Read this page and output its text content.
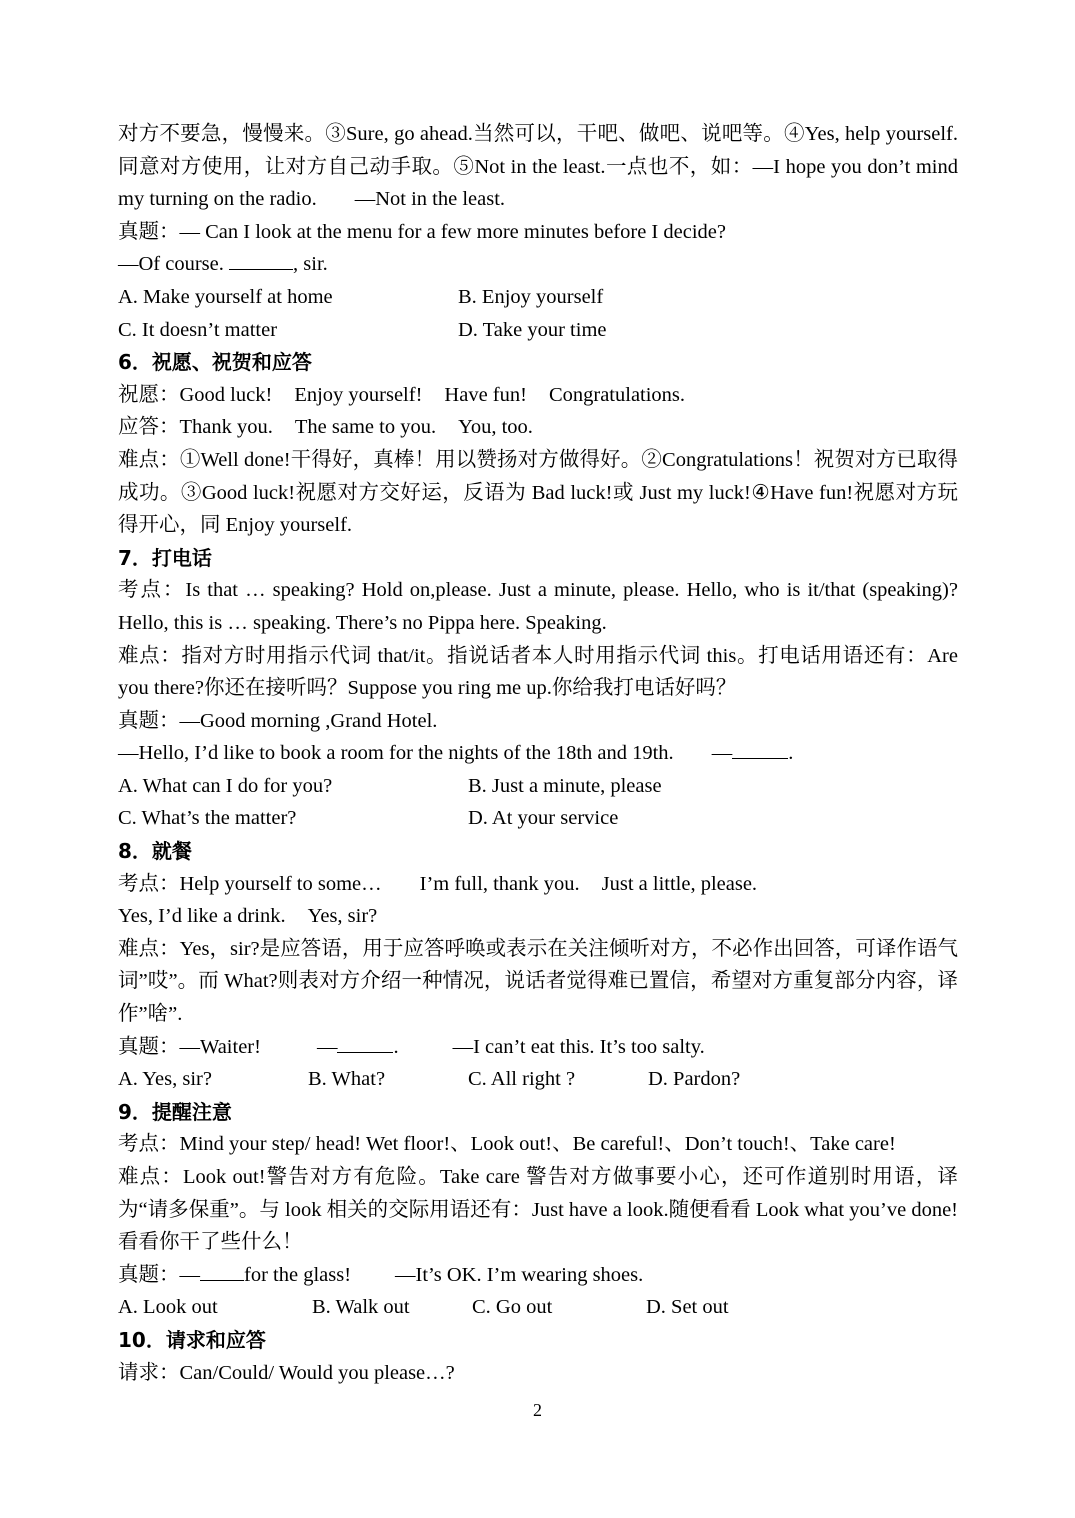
对方不要急，慢慢来。③Sure, go ahead.当然可以，干吧、做吧、说吧等。④Yes, help yourself.同意对方使用，让对方自己动手取。⑤Not in the least.一点也不，如：—I hope you don’t mind my turning on the radio. —Not in the least.

真题：— Can I look at the menu for a few more minutes before I decide?

—Of course.	, sir.

A. Make yourself at home	B. Enjoy yourself
C. It doesn’t matter	D. Take your time

6．祝愿、祝贺和应答

祝愿：Good luck! Enjoy yourself! Have fun! Congratulations.

应答：Thank you. The same to you. You, too.

难点：①Well done!干得好，真棒！用以赞扬对方做得好。②Congratulations！祝贺对方已取得成功。③Good luck!祝愿对方交好运，反语为 Bad luck!或 Just my luck!④Have fun!祝愿对方玩得开心，同 Enjoy yourself.

7．打电话

考点：Is that … speaking? Hold on,please. Just a minute, please. Hello, who is it/that (speaking)? Hello, this is … speaking. There’s no Pippa here. Speaking.

难点：指对方时用指示代词 that/it。指说话者本人时用指示代词 this。打电话用语还有：Are you there?你还在接听吗？Suppose you ring me up.你给我打电话好吗？

真题：—Good morning ,Grand Hotel.

—Hello, I’d like to book a room for the nights of the 18th and 19th. —	.

A. What can I do for you?	B. Just a minute, please
C. What’s the matter?	D. At your service

8．就餐

考点：Help yourself to some… I’m full, thank you. Just a little, please.

Yes, I’d like a drink. Yes, sir?

难点：Yes，sir?是应答语，用于应答呼唤或表示在关注倾听对方，不必作出回答，可译作语气词”哎”。而 What?则表对方介绍一种情况，说话者觉得难已置信，希望对方重复部分内容，译作”啥”.

真题：—Waiter!	—	.	—I can’t eat this. It’s too salty.

A. Yes, sir?	B. What?	C. All right ?	D. Pardon?

9．提醒注意

考点：Mind your step/ head! Wet floor!、Look out!、Be careful!、Don’t touch!、Take care!

难点：Look out!警告对方有危险。Take care 警告对方做事要小心，还可作道别时用语，译为“请多保重”。与 look 相关的交际用语还有：Just have a look.随便看看 Look what you’ve done!看看你干了些什么！

真题：— for the glass! —It’s OK. I’m wearing shoes.

A. Look out	B. Walk out	C. Go out	D. Set out

10．请求和应答

请求：Can/Could/ Would you please…?

2
